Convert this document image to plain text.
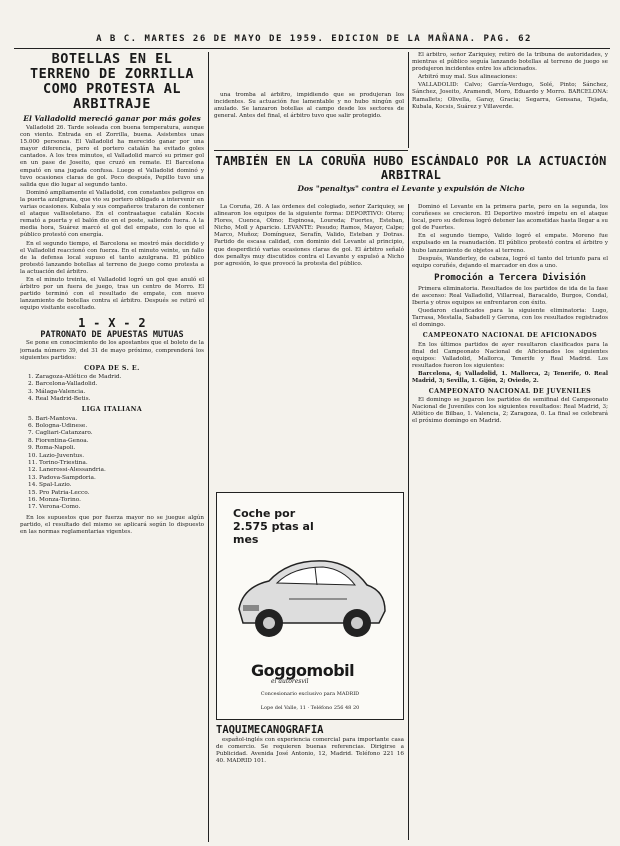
A B C. MARTES 26 DE MAYO DE 1959. EDICION DE LA MAÑANA. PAG. 62
BOTELLAS EN EL TERRENO DE ZORRILLA COMO PROTESTA AL ARBITRAJE
El Valladolid mereció ganar por más goles

Valladolid 26. Tarde soleada con buena temperatura, aunque con viento. Entrada en el Zorrilla, buena. Asistentes unas 15.000 personas. El Valladolid ha merecido ganar por una mayor diferencia, pero el portero catalán ha evitado goles cantados. A los tres minutos, el Valladolid marcó su primer gol en un pase de Joseito, que cruzó en remate. El Barcelona empató en una jugada confusa. Luego el Valladolid dominó y tuvo ocasiones claras de gol. Poco después, Pepillo tuvo una salida que dio lugar al segundo tanto.

Dominó ampliamente el Valladolid, con constantes peligros en la puerta azulgrana, que vio su portero obligado a intervenir en varias ocasiones. Kubala y sus compañeros trataron de contener el ataque vallisoletano. En el contraataque catalán Kocsis remató a puerta y el balón dio en el poste, saliendo fuera. A la media hora, Suárez marcó el gol del empate, con lo que el público protestó con energía.

En el segundo tiempo, el Barcelona se mostró más decidido y el Valladolid reaccionó con fuerza. En el minuto veinte, un fallo de la defensa local supuso el tanto azulgrana. El público protestó lanzando botellas al terreno de juego como protesta a la actuación del árbitro.

En el minuto treinta, el Valladolid logró un gol que anuló el árbitro por un fuera de juego, tras un centro de Morro. El partido terminó con el resultado de empate, con nuevo lanzamiento de botellas contra el árbitro. Después se retiró el equipo visitante escoltado.

1 - X - 2
PATRONATO DE APUESTAS MUTUAS

Se pone en conocimiento de los apostantes que el boleto de la jornada número 39, del 31 de mayo próximo, comprenderá los siguientes partidos:

COPA DE S. E.
1. Zaragoza-Atlético de Madrid.
2. Barcelona-Valladolid.
3. Málaga-Valencia.
4. Real Madrid-Betis.
LIGA ITALIANA
5. Bari-Mantova.
6. Bologna-Udinese.
7. Cagliari-Catanzaro.
8. Fiorentina-Genoa.
9. Roma-Napoli.
10. Lazio-Juventus.
11. Torino-Triestina.
12. Lanerossi-Alessandria.
13. Padova-Sampdoria.
14. Spal-Lazio.
15. Pro Patria-Lecco.
16. Monza-Torino.
17. Verona-Como.

En los supuestos que por fuerza mayor no se juegue algún partido, el resultado del mismo se aplicará según lo dispuesto en las normas reglamentarias vigentes.

una tromba al árbitro, impidiendo que se produjeran los incidentes. Su actuación fue lamentable y no hubo ningún gol anulado. Se lanzaron botellas al campo desde los sectores de general. Antes del final, el árbitro tuvo que salir protegido.

TAMBIÉN EN LA CORUÑA HUBO ESCÁNDALO POR LA ACTUACIÓN ARBITRAL
Dos "penaltys" contra el Levante y expulsión de Nicho

La Coruña, 26. A las órdenes del colegiado, señor Zariquiey, se alinearon los equipos de la siguiente forma: DEPORTIVO: Otero; Flores, Cuenca, Olmo; Espinosa, Loureda; Fuertes, Esteban, Nicho, Moll y Aparicio. LEVANTE: Pesudo; Ramos, Mayor, Calpe; Marco, Muñoz; Domínguez, Serafín, Valido, Esteban y Dotras. Partido de escasa calidad, con dominio del Levante al principio, que desperdició varias ocasiones claras de gol. El árbitro señaló dos penaltys muy discutidos contra el Levante y expulsó a Nicho por agresión, lo que provocó la protesta del público.

Coche por 2.575 ptas al mes
Goggomobil
el autoresvil
Concesionario exclusivo para MADRID
Lope del Valle, 11 · Teléfono 256 48 20
TAQUIMECANOGRAFÍA

español-inglés con experiencia comercial para importante casa de comercio. Se requieren buenas referencias. Dirigirse a Publicidad. Avenida José Antonio, 12, Madrid. Teléfono 221 16 40. MADRID 101.

El árbitro, señor Zariquiey, retiró de la tribuna de autoridades, y mientras el público seguía lanzando botellas al terreno de juego se produjeron incidentes entre los aficionados.

Arbitró muy mal. Sus alineaciones:

VALLADOLID: Calvo; García-Verdugo, Solé, Pinto; Sánchez, Sánchez, Joseito, Aramendi, Moro, Eduardo y Morro. BARCELONA: Ramallets; Olivella, Garay, Gracia; Segarra, Gensana, Tejada, Kubala, Kocsis, Suárez y Villaverde.

Dominó el Levante en la primera parte, pero en la segunda, los coruñeses se crecieron. El Deportivo mostró ímpetu en el ataque local, pero su defensa logró detener las acometidas hasta llegar a su gol de Fuertes.

En el segundo tiempo, Valido logró el empate. Moreno fue expulsado en la reanudación. El público protestó contra el árbitro y hubo lanzamiento de objetos al terreno.

Después, Wanderley, de cabeza, logró el tanto del triunfo para el equipo coruñés, dejando el marcador en dos a uno.

Promoción a Tercera División

Primera eliminatoria. Resultados de los partidos de ida de la fase de ascenso: Real Valladolid, Villarreal, Baracaldo, Burgos, Condal, Iberia y otros equipos se enfrentaron con éxito.

Quedaron clasificados para la siguiente eliminatoria: Lugo, Tarrasa, Mestalla, Sabadell y Gerona, con los resultados registrados el domingo.

CAMPEONATO NACIONAL DE AFICIONADOS

En los últimos partidos de ayer resultaron clasificados para la final del Campeonato Nacional de Aficionados los siguientes equipos: Valladolid, Mallorca, Tenerife y Real Madrid. Los resultados fueron los siguientes:

Barcelona, 4; Valladolid, 1. Mallorca, 2; Tenerife, 0. Real Madrid, 3; Sevilla, 1. Gijón, 2; Oviedo, 2.

CAMPEONATO NACIONAL DE JUVENILES

El domingo se jugaron los partidos de semifinal del Campeonato Nacional de Juveniles con los siguientes resultados: Real Madrid, 3; Atlético de Bilbao, 1. Valencia, 2; Zaragoza, 0. La final se celebrará el próximo domingo en Madrid.
